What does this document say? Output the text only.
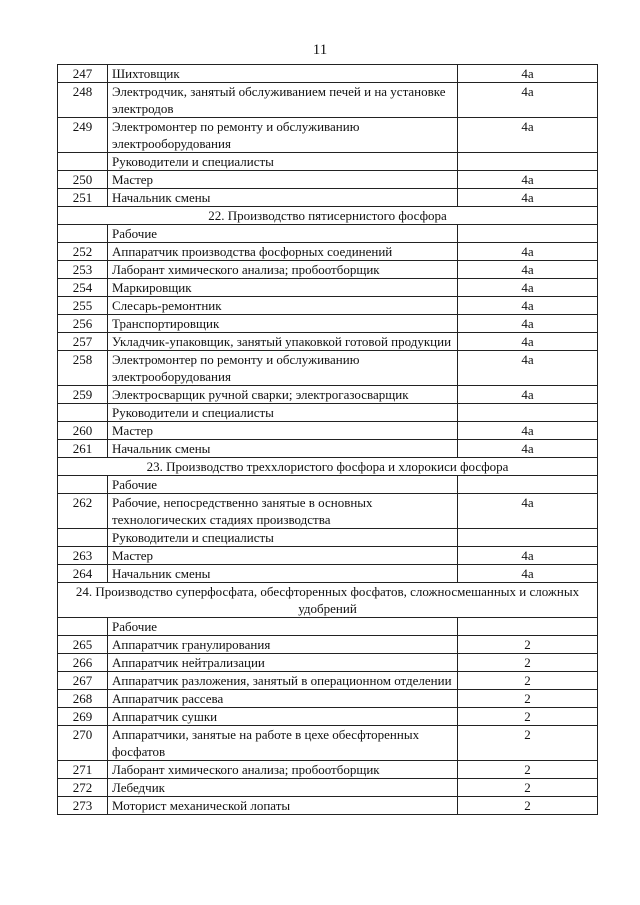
11
247	Шихтовщик	4а
248	Электродчик, занятый обслуживанием печей и на установке электродов	4а
249	Электромонтер по ремонту и обслуживанию электрооборудования	4а
	Руководители и специалисты	
250	Мастер	4а
251	Начальник смены	4а
22. Производство пятисернистого фосфора		
	Рабочие	
252	Аппаратчик производства фосфорных соединений	4а
253	Лаборант химического анализа; пробоотборщик	4а
254	Маркировщик	4а
255	Слесарь-ремонтник	4а
256	Транспортировщик	4а
257	Укладчик-упаковщик, занятый упаковкой готовой продукции	4а
258	Электромонтер по ремонту и обслуживанию электрооборудования	4а
259	Электросварщик ручной сварки; электрогазосварщик	4а
	Руководители и специалисты	
260	Мастер	4а
261	Начальник смены	4а
23. Производство треххлористого фосфора и хлорокиси фосфора		
	Рабочие	
262	Рабочие, непосредственно занятые в основных технологических стадиях производства	4а
	Руководители и специалисты	
263	Мастер	4а
264	Начальник смены	4а
24. Производство суперфосфата, обесфторенных фосфатов, сложносмешанных и сложных удобрений		
	Рабочие	
265	Аппаратчик гранулирования	2
266	Аппаратчик нейтрализации	2
267	Аппаратчик разложения, занятый в операционном отделении	2
268	Аппаратчик рассева	2
269	Аппаратчик сушки	2
270	Аппаратчики, занятые на работе в цехе обесфторенных фосфатов	2
271	Лаборант химического анализа; пробоотборщик	2
272	Лебедчик	2
273	Моторист механической лопаты	2
